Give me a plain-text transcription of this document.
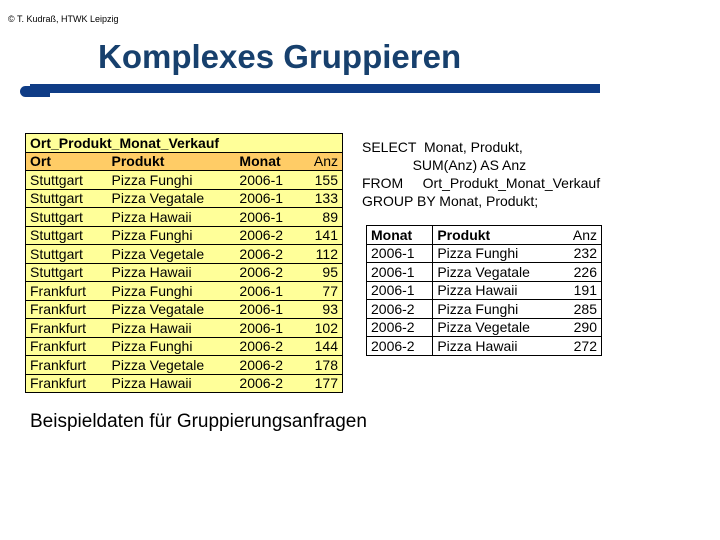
© T. Kudraß, HTWK Leipzig
Komplexes Gruppieren
Ort_Produkt_Monat_Verkauf			
Ort	Produkt	Monat	Anz
Stuttgart	Pizza Funghi	2006-1	155
Stuttgart	Pizza Vegatale	2006-1	133
Stuttgart	Pizza Hawaii	2006-1	89
Stuttgart	Pizza Funghi	2006-2	141
Stuttgart	Pizza Vegetale	2006-2	112
Stuttgart	Pizza Hawaii	2006-2	95
Frankfurt	Pizza Funghi	2006-1	77
Frankfurt	Pizza Vegatale	2006-1	93
Frankfurt	Pizza Hawaii	2006-1	102
Frankfurt	Pizza Funghi	2006-2	144
Frankfurt	Pizza Vegetale	2006-2	178
Frankfurt	Pizza Hawaii	2006-2	177
SELECT  Monat, Produkt,
SUM(Anz) AS Anz
FROM     Ort_Produkt_Monat_Verkauf
GROUP BY Monat, Produkt;
Monat	Produkt	Anz
2006-1	Pizza Funghi	232
2006-1	Pizza Vegatale	226
2006-1	Pizza Hawaii	191
2006-2	Pizza Funghi	285
2006-2	Pizza Vegetale	290
2006-2	Pizza Hawaii	272
Beispieldaten für Gruppierungsanfragen
